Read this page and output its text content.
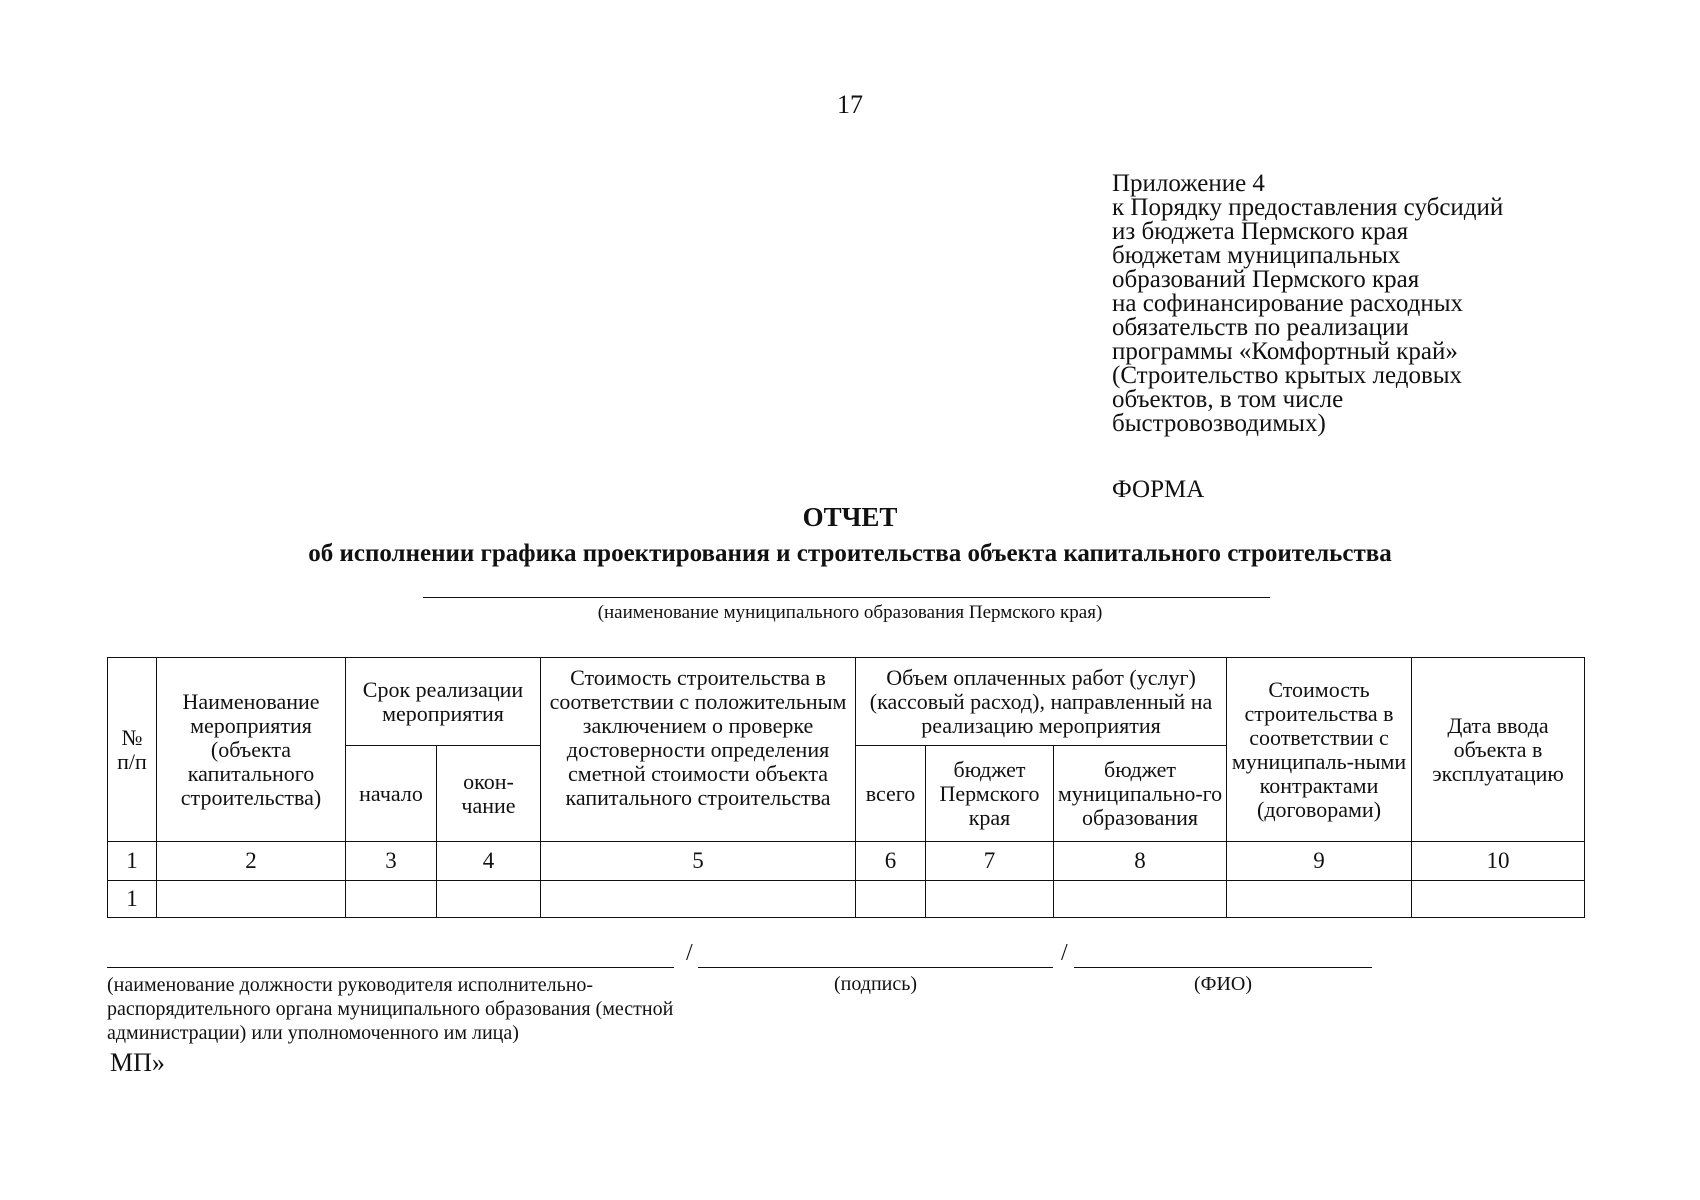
17
Приложение 4
к Порядку предоставления субсидий
из бюджета Пермского края
бюджетам муниципальных
образований Пермского края
на софинансирование расходных
обязательств по реализации
программы «Комфортный край»
(Строительство крытых ледовых
объектов, в том числе
быстровозводимых)
ФОРМА
ОТЧЕТ
об исполнении графика проектирования и строительства объекта капитального строительства
(наименование муниципального образования Пермского края)
№ п/п	Наименование мероприятия (объекта капитального строительства)	Срок реализации мероприятия		Стоимость строительства в соответствии с положительным заключением о проверке достоверности определения сметной стоимости объекта капитального строительства	Объем оплаченных работ (услуг) (кассовый расход), направленный на реализацию мероприятия			Стоимость строительства в соответствии с муниципаль-ными контрактами (договорами)	Дата ввода объекта в эксплуатацию
		начало	окон-чание		всего	бюджет Пермского края	бюджет муниципально-го образования		
1	2	3	4	5	6	7	8	9	10
1									
/	/
(наименование должности руководителя исполнительно-распорядительного органа муниципального образования (местной администрации) или уполномоченного им лица)
(подпись)	(ФИО)
МП»
